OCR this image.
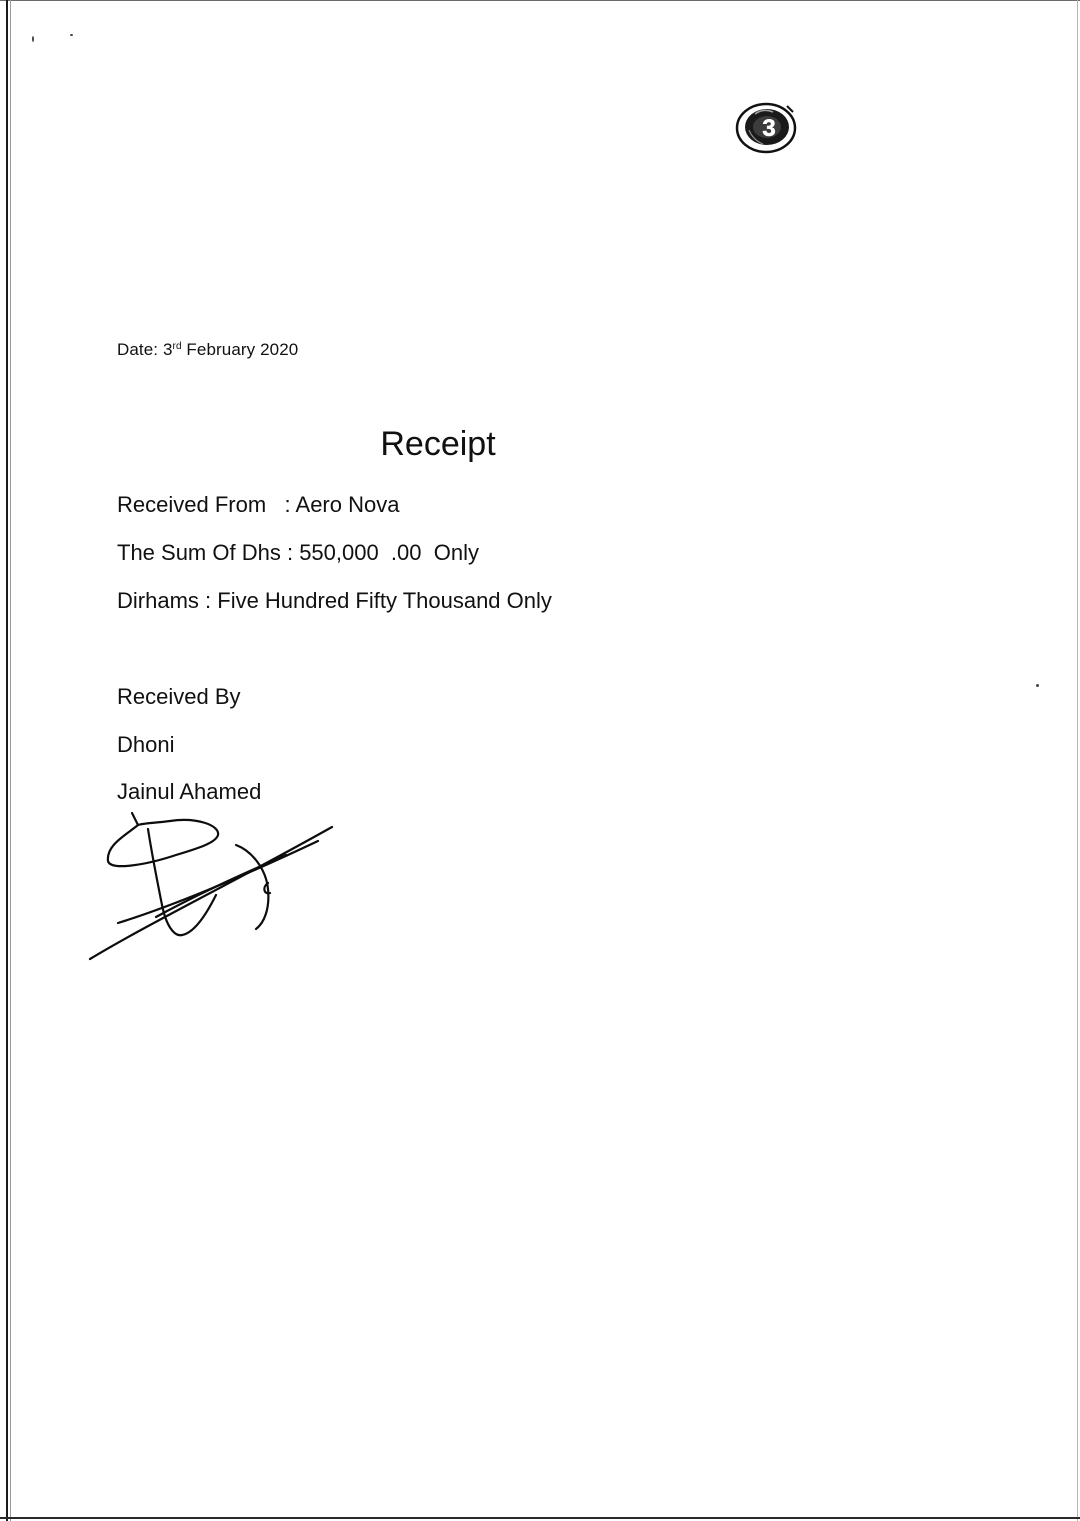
3
Date: 3rd February 2020
Receipt
Received From   : Aero Nova
The Sum Of Dhs : 550,000  .00  Only
Dirhams : Five Hundred Fifty Thousand Only
Received By
Dhoni
Jainul Ahamed
